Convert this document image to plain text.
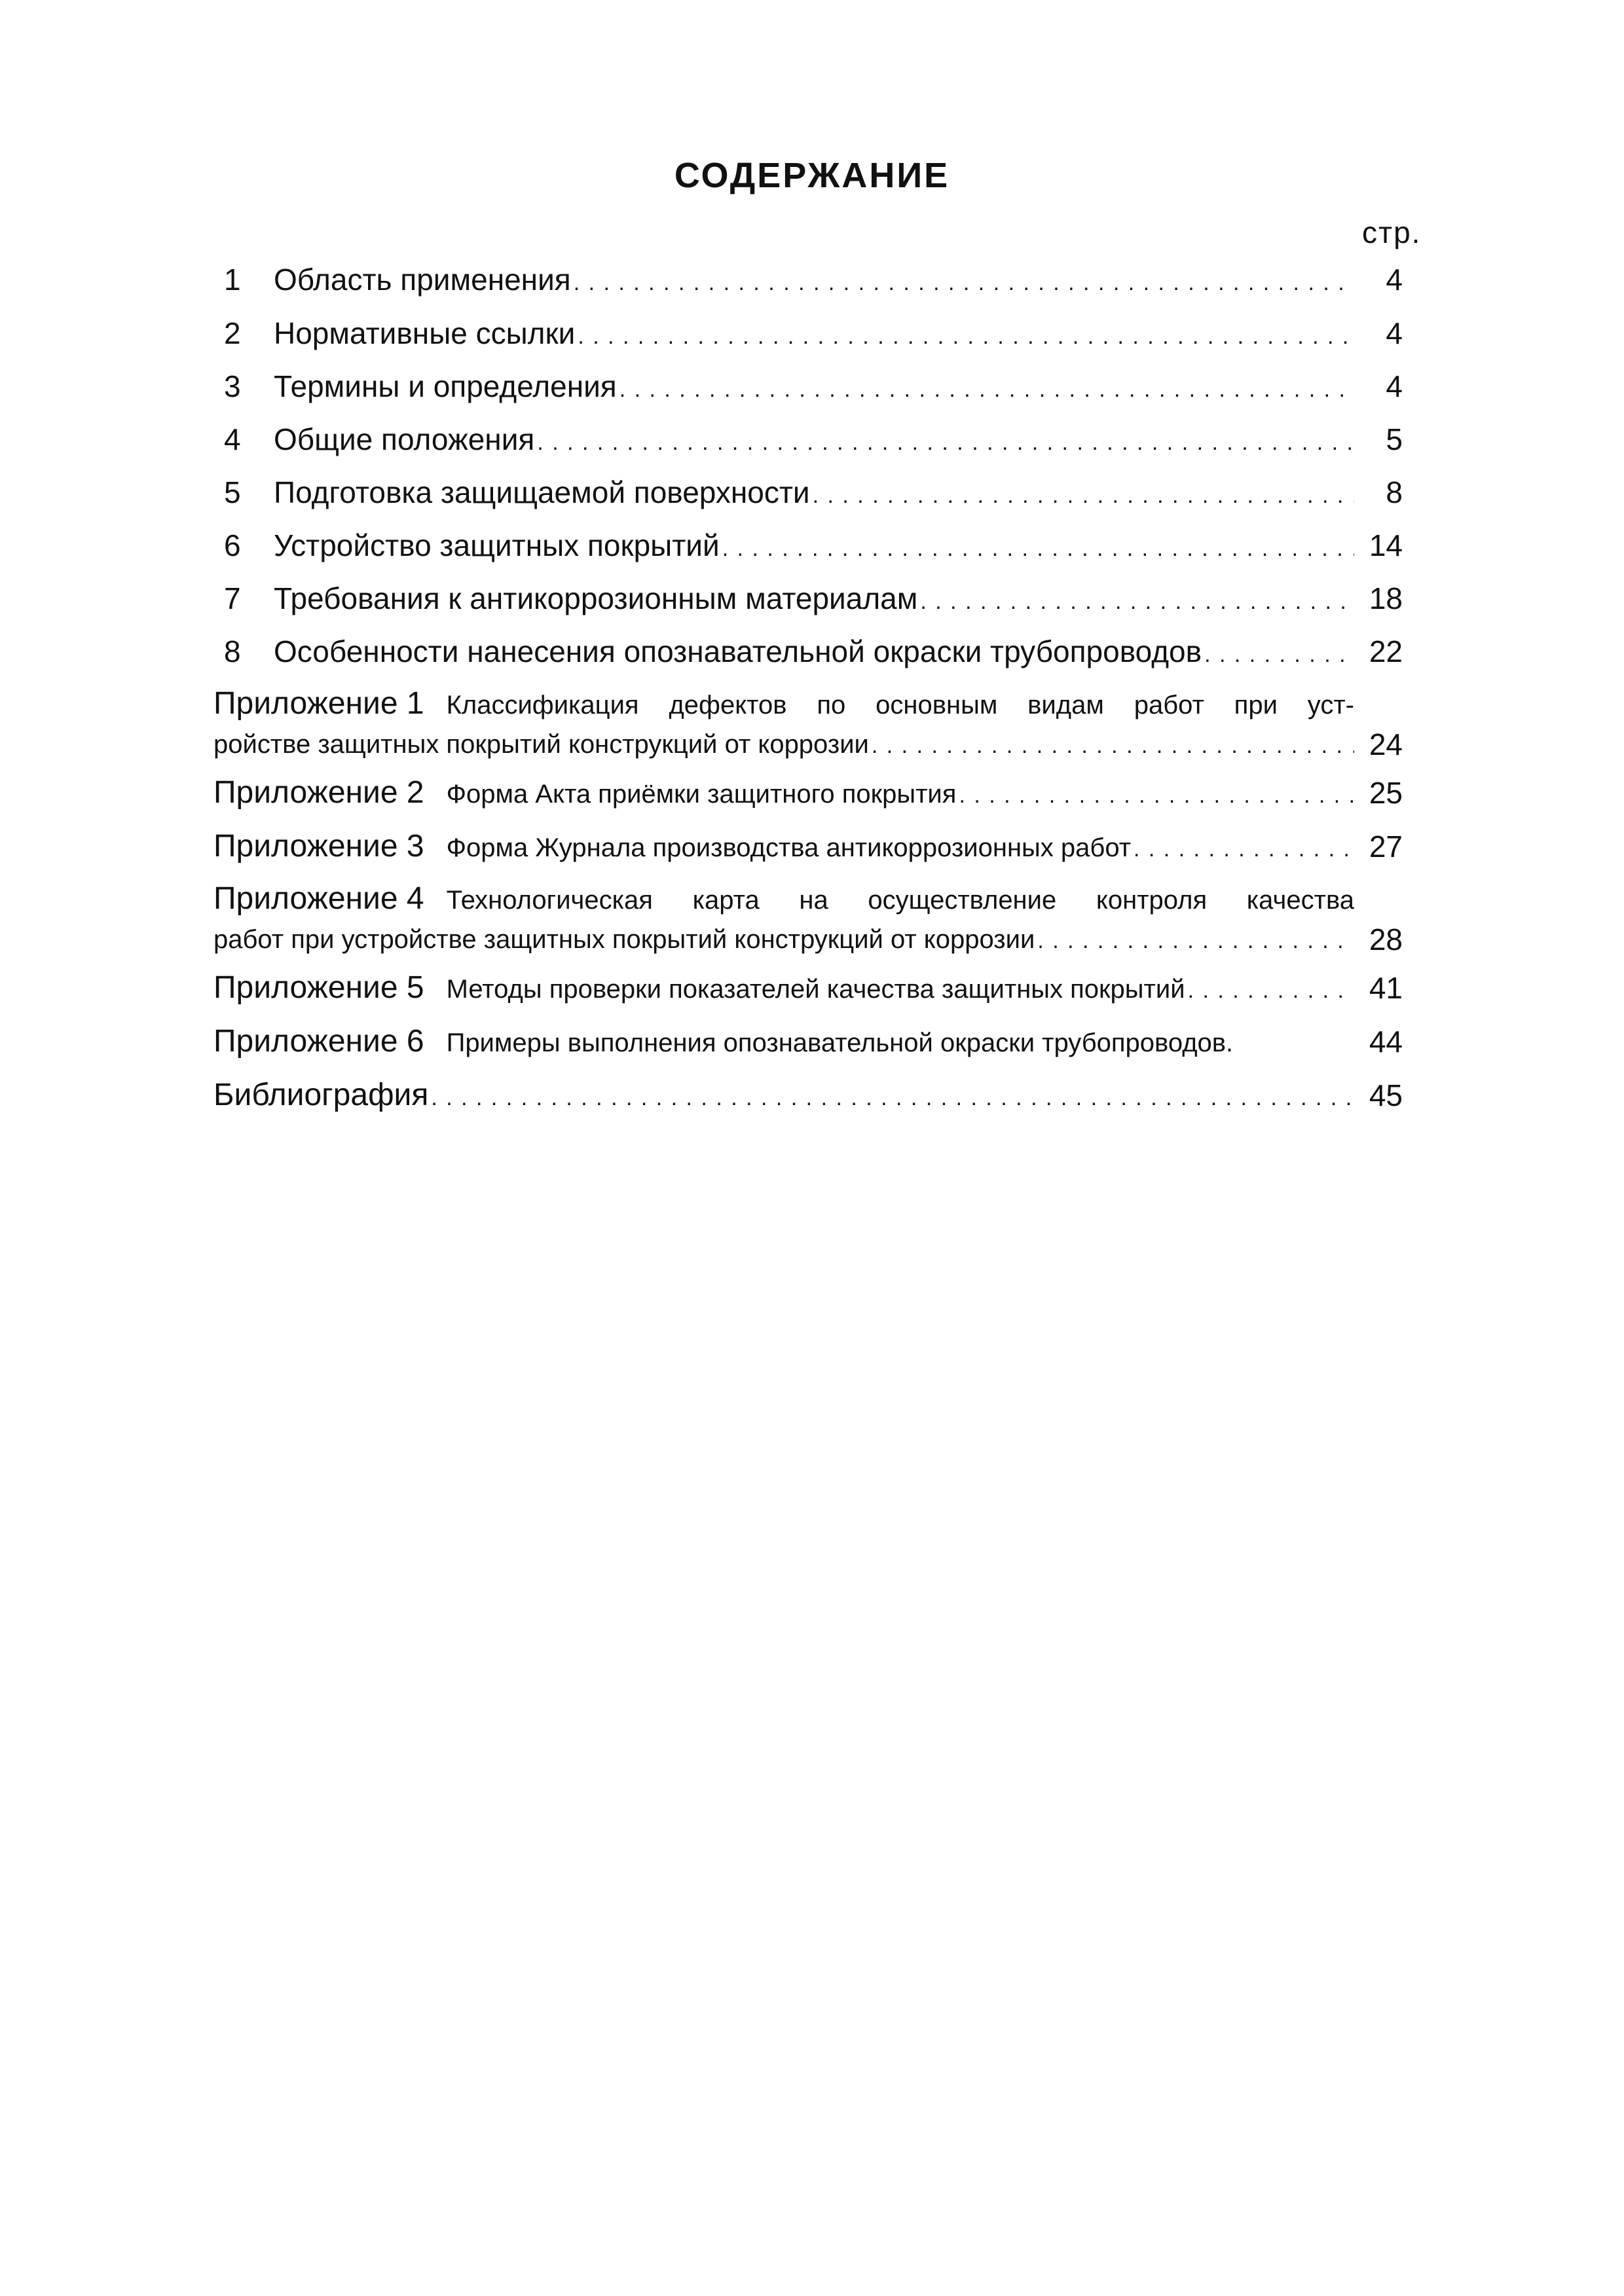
СОДЕРЖАНИЕ
стр.
1 Область применения . . .	4
2 Нормативные ссылки . . .	4
3 Термины и определения . . .	4
4 Общие положения . . .	5
5 Подготовка защищаемой поверхности . . .	8
6 Устройство защитных покрытий . . .	14
7 Требования к антикоррозионным материалам . . .	18
8 Особенности нанесения опознавательной окраски трубопроводов . . .	22
Приложение 1 Классификация дефектов по основным видам работ при уст-
ройстве защитных покрытий конструкций от коррозии . . .	24
Приложение 2 Форма Акта приёмки защитного покрытия . . .	25
Приложение 3 Форма Журнала производства антикоррозионных работ . . .	27
Приложение 4 Технологическая карта на осуществление контроля качества
работ при устройстве защитных покрытий конструкций от коррозии . . .	28
Приложение 5 Методы проверки показателей качества защитных покрытий . . .	41
Приложение 6 Примеры выполнения опознавательной окраски трубопроводов.	44
Библиография . . .	45
